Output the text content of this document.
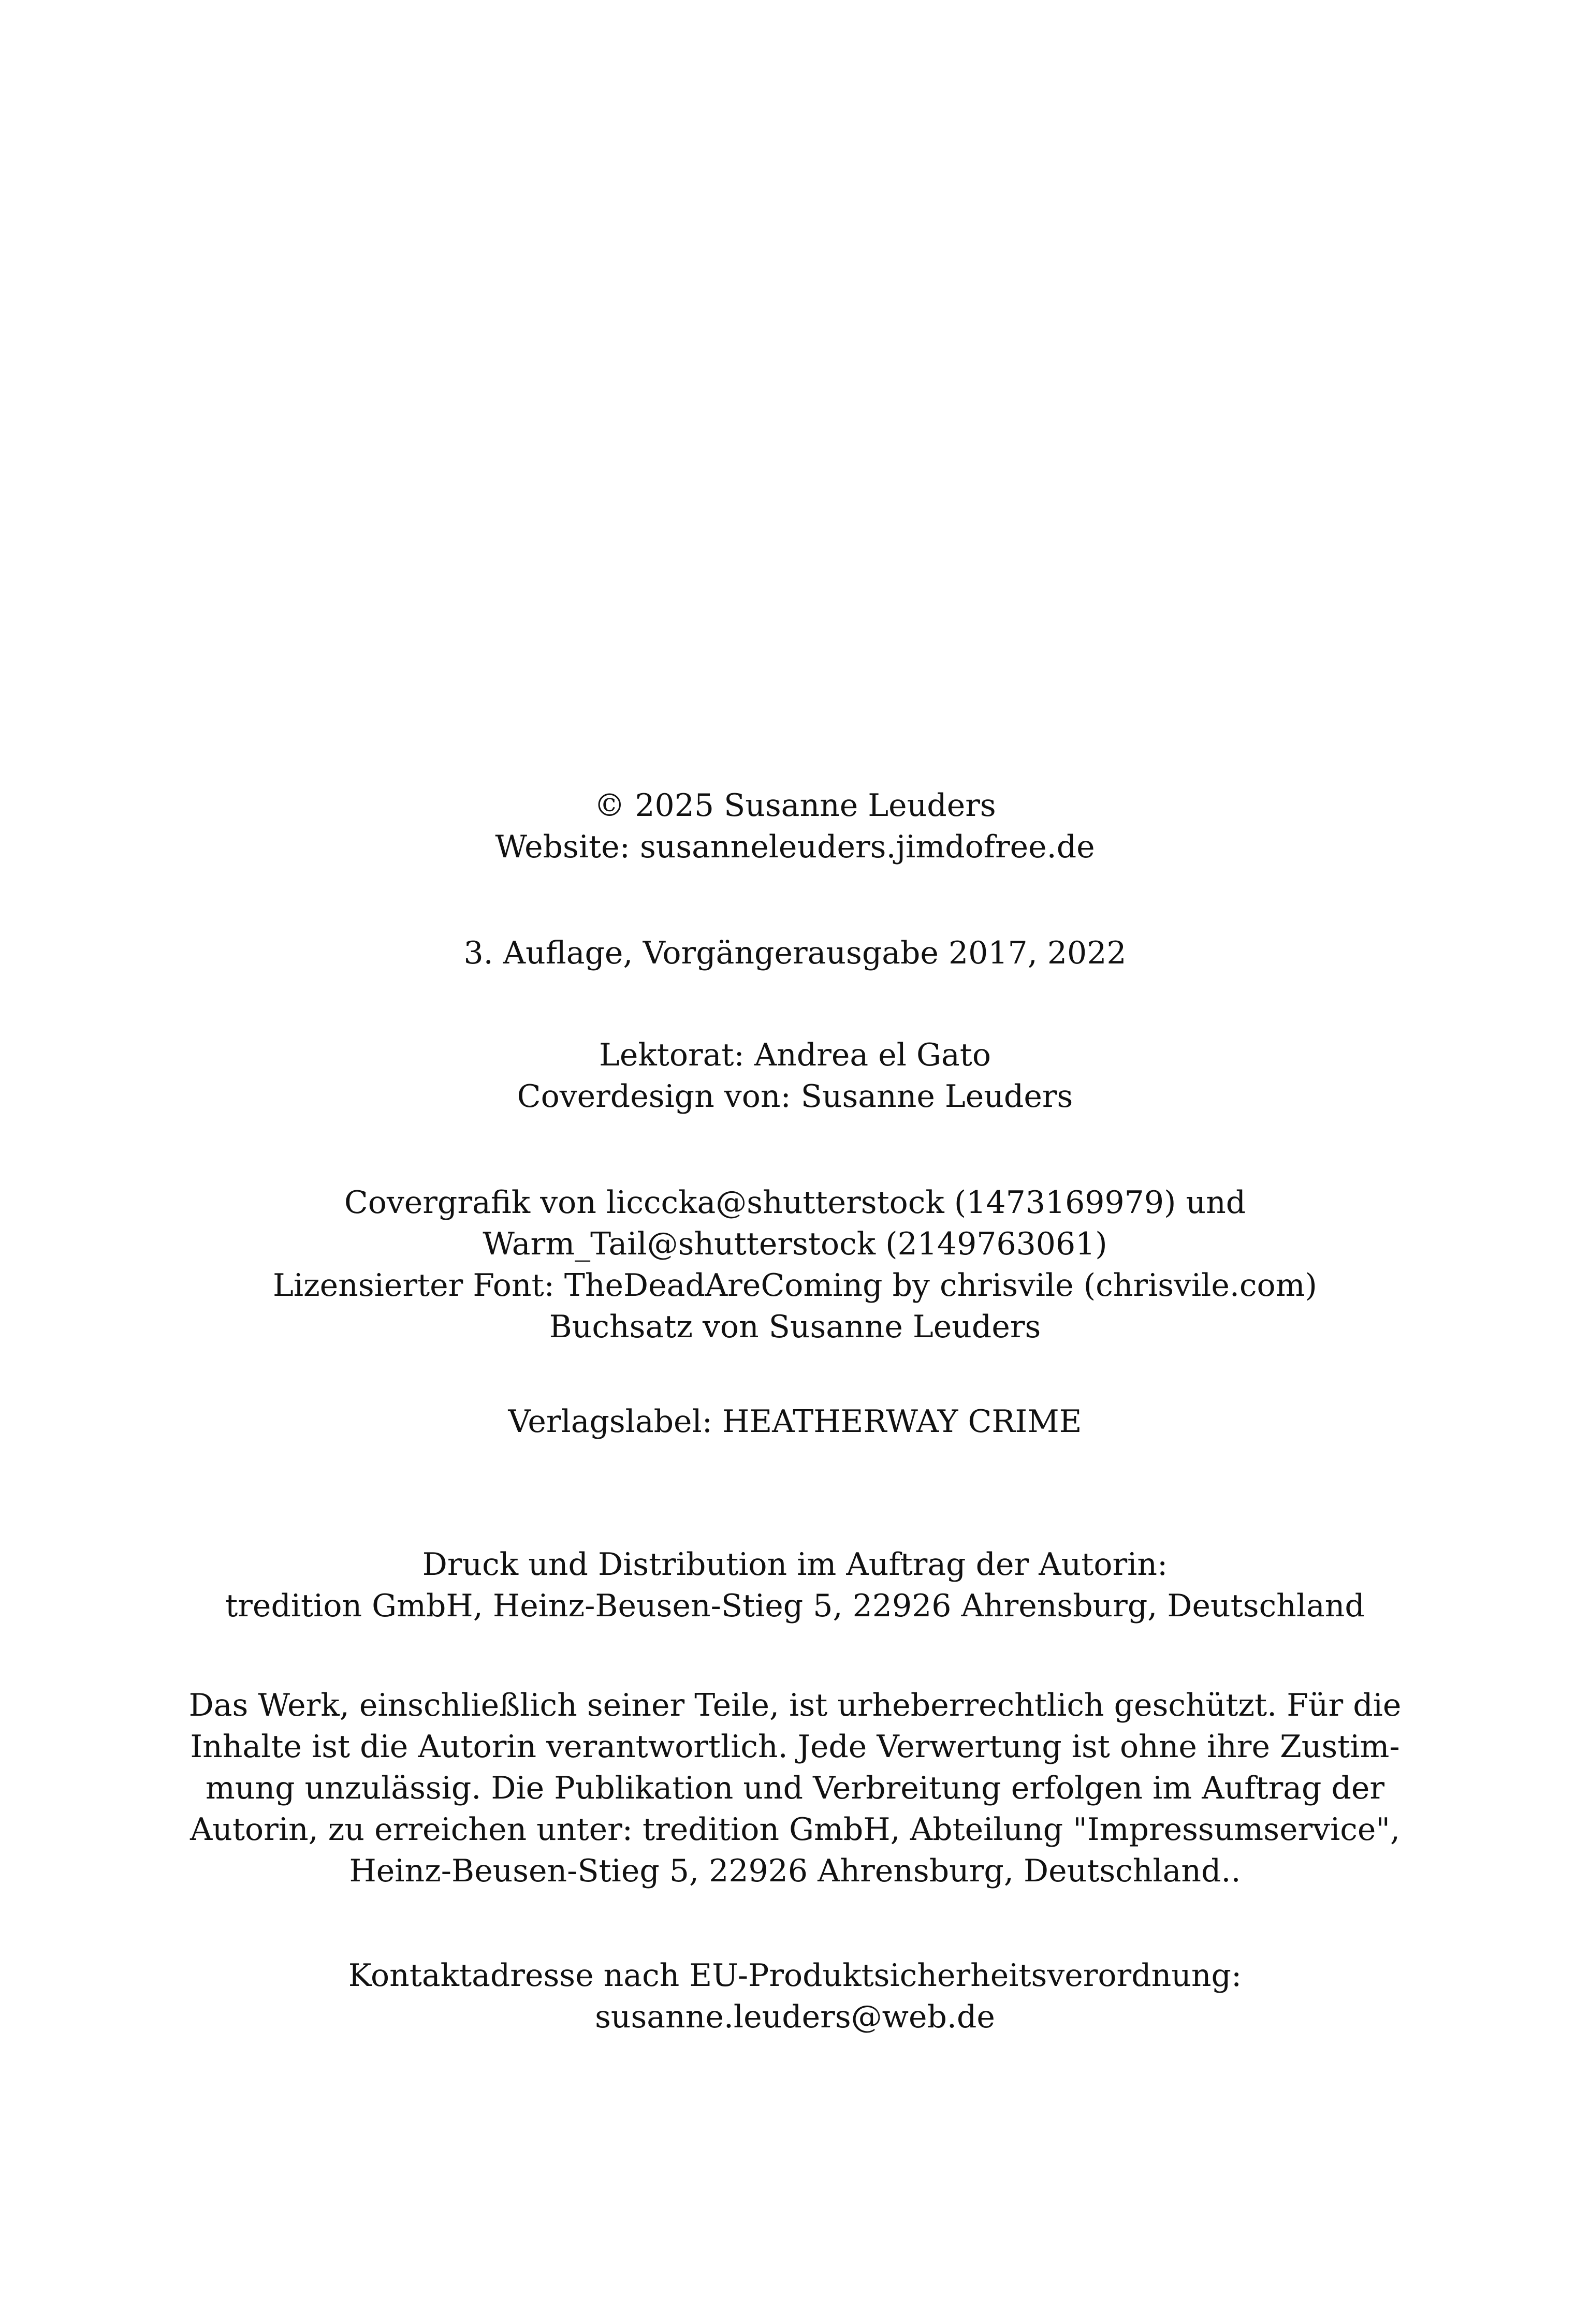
© 2025 Susanne Leuders
Website: susanneleuders.jimdofree.de
3. Auflage, Vorgängerausgabe 2017, 2022
Lektorat: Andrea el Gato
Coverdesign von: Susanne Leuders
Covergrafik von licccka@shutterstock (1473169979) und
Warm_Tail@shutterstock (2149763061)
Lizensierter Font: TheDeadAreComing by chrisvile (chrisvile.com)
Buchsatz von Susanne Leuders
Verlagslabel: HEATHERWAY CRIME
Druck und Distribution im Auftrag der Autorin:
tredition GmbH, Heinz-Beusen-Stieg 5, 22926 Ahrensburg, Deutschland
Das Werk, einschließlich seiner Teile, ist urheberrechtlich geschützt. Für die
Inhalte ist die Autorin verantwortlich. Jede Verwertung ist ohne ihre Zustim-
mung unzulässig. Die Publikation und Verbreitung erfolgen im Auftrag der
Autorin, zu erreichen unter: tredition GmbH, Abteilung "Impressumservice",
Heinz-Beusen-Stieg 5, 22926 Ahrensburg, Deutschland..
Kontaktadresse nach EU-Produktsicherheitsverordnung:
susanne.leuders@web.de
